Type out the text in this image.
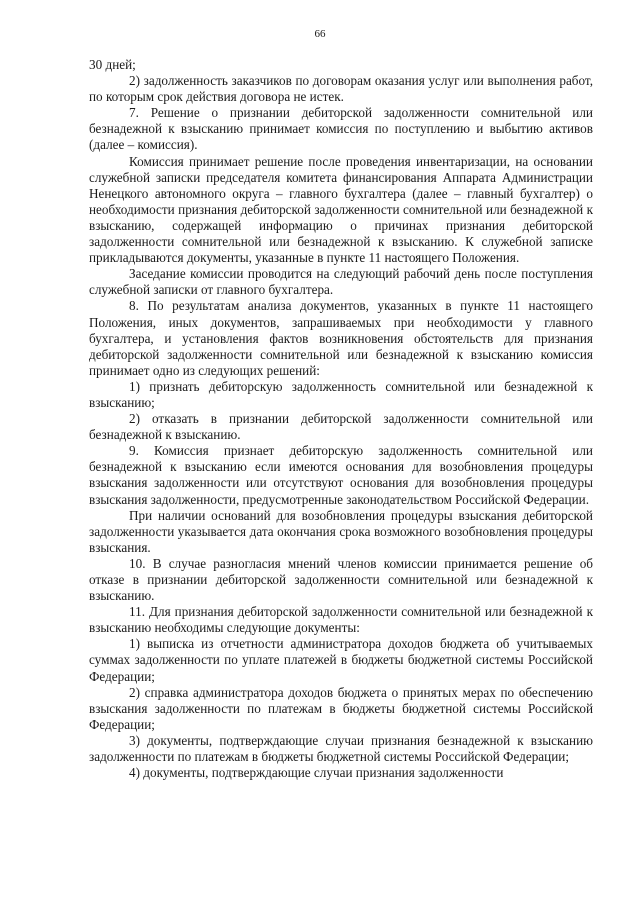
66

30 дней;

2) задолженность заказчиков по договорам оказания услуг или выполнения работ, по которым срок действия договора не истек.

7. Решение о признании дебиторской задолженности сомнительной или безнадежной к взысканию принимает комиссия по поступлению и выбытию активов (далее – комиссия).

Комиссия принимает решение после проведения инвентаризации, на основании служебной записки председателя комитета финансирования Аппарата Администрации Ненецкого автономного округа – главного бухгалтера (далее – главный бухгалтер) о необходимости признания дебиторской задолженности сомнительной или безнадежной к взысканию, содержащей информацию о причинах признания дебиторской задолженности сомнительной или безнадежной к взысканию. К служебной записке прикладываются документы, указанные в пункте 11 настоящего Положения.

Заседание комиссии проводится на следующий рабочий день после поступления служебной записки от главного бухгалтера.

8. По результатам анализа документов, указанных в пункте 11 настоящего Положения, иных документов, запрашиваемых при необходимости у главного бухгалтера, и установления фактов возникновения обстоятельств для признания дебиторской задолженности сомнительной или безнадежной к взысканию комиссия принимает одно из следующих решений:

1) признать дебиторскую задолженность сомнительной или безнадежной к взысканию;

2) отказать в признании дебиторской задолженности сомнительной или безнадежной к взысканию.

9. Комиссия признает дебиторскую задолженность сомнительной или безнадежной к взысканию если имеются основания для возобновления процедуры взыскания задолженности или отсутствуют основания для возобновления процедуры взыскания задолженности, предусмотренные законодательством Российской Федерации.

При наличии оснований для возобновления процедуры взыскания дебиторской задолженности указывается дата окончания срока возможного возобновления процедуры взыскания.

10. В случае разногласия мнений членов комиссии принимается решение об отказе в признании дебиторской задолженности сомнительной или безнадежной к взысканию.

11. Для признания дебиторской задолженности сомнительной или безнадежной к взысканию необходимы следующие документы:

1) выписка из отчетности администратора доходов бюджета об учитываемых суммах задолженности по уплате платежей в бюджеты бюджетной системы Российской Федерации;

2) справка администратора доходов бюджета о принятых мерах по обеспечению взыскания задолженности по платежам в бюджеты бюджетной системы Российской Федерации;

3) документы, подтверждающие случаи признания безнадежной к взысканию задолженности по платежам в бюджеты бюджетной системы Российской Федерации;

4) документы, подтверждающие случаи признания задолженности
